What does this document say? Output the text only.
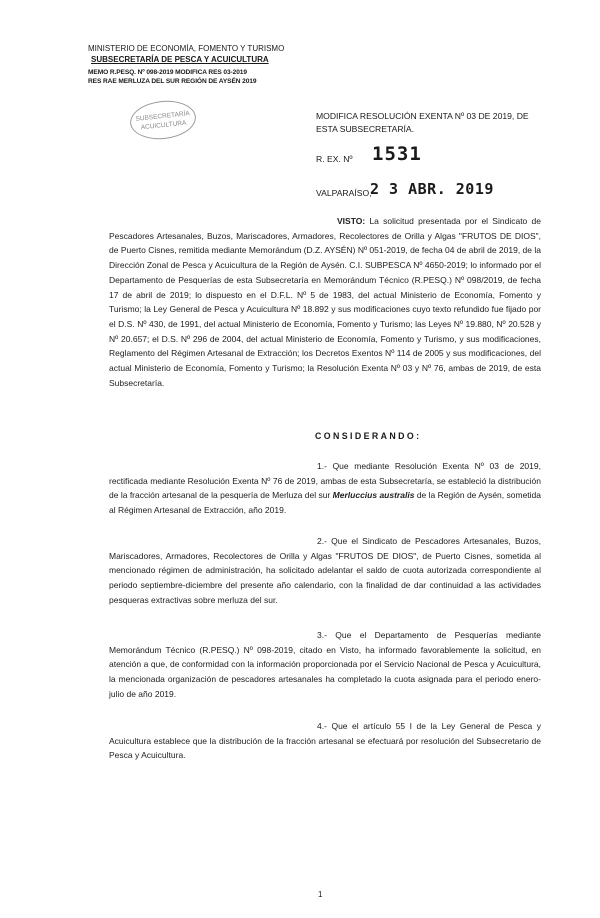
MINISTERIO DE ECONOMÍA, FOMENTO Y TURISMO
SUBSECRETARÍA DE PESCA Y ACUICULTURA
MEMO R.PESQ. Nº 098-2019 MODIFICA RES 03-2019
RES RAE MERLUZA DEL SUR REGIÓN DE AYSÉN 2019
SUBSECRETARÍA
ACUICULTURA
MODIFICA RESOLUCIÓN EXENTA Nº 03 DE 2019, DE
ESTA SUBSECRETARÍA.
R. EX. Nº 1531
VALPARAÍSO,
2 3 ABR. 2019
VISTO: La solicitud presentada por el Sindicato de Pescadores Artesanales, Buzos, Mariscadores, Armadores, Recolectores de Orilla y Algas "FRUTOS DE DIOS", de Puerto Cisnes, remitida mediante Memorándum (D.Z. AYSÉN) Nº 051-2019, de fecha 04 de abril de 2019, de la Dirección Zonal de Pesca y Acuicultura de la Región de Aysén. C.I. SUBPESCA Nº 4650-2019; lo informado por el Departamento de Pesquerías de esta Subsecretaría en Memorándum Técnico (R.PESQ.) Nº 098/2019, de fecha 17 de abril de 2019; lo dispuesto en el D.F.L. Nº 5 de 1983, del actual Ministerio de Economía, Fomento y Turismo; la Ley General de Pesca y Acuicultura Nº 18.892 y sus modificaciones cuyo texto refundido fue fijado por el D.S. Nº 430, de 1991, del actual Ministerio de Economía, Fomento y Turismo; las Leyes Nº 19.880, Nº 20.528 y Nº 20.657; el D.S. Nº 296 de 2004, del actual Ministerio de Economía, Fomento y Turismo, y sus modificaciones, Reglamento del Régimen Artesanal de Extracción; los Decretos Exentos Nº 114 de 2005 y sus modificaciones, del actual Ministerio de Economía, Fomento y Turismo; la Resolución Exenta Nº 03 y Nº 76, ambas de 2019, de esta Subsecretaría.
CONSIDERANDO:
1.- Que mediante Resolución Exenta Nº 03 de 2019, rectificada mediante Resolución Exenta Nº 76 de 2019, ambas de esta Subsecretaría, se estableció la distribución de la fracción artesanal de la pesquería de Merluza del sur Merluccius australis de la Región de Aysén, sometida al Régimen Artesanal de Extracción, año 2019.
2.- Que el Sindicato de Pescadores Artesanales, Buzos, Mariscadores, Armadores, Recolectores de Orilla y Algas "FRUTOS DE DIOS", de Puerto Cisnes, sometida al mencionado régimen de administración, ha solicitado adelantar el saldo de cuota autorizada correspondiente al periodo septiembre-diciembre del presente año calendario, con la finalidad de dar continuidad a las actividades pesqueras extractivas sobre merluza del sur.
3.- Que el Departamento de Pesquerías mediante Memorándum Técnico (R.PESQ.) Nº 098-2019, citado en Visto, ha informado favorablemente la solicitud, en atención a que, de conformidad con la información proporcionada por el Servicio Nacional de Pesca y Acuicultura, la mencionada organización de pescadores artesanales ha completado la cuota asignada para el periodo enero-julio de año 2019.
4.- Que el artículo 55 I de la Ley General de Pesca y Acuicultura establece que la distribución de la fracción artesanal se efectuará por resolución del Subsecretario de Pesca y Acuicultura.
1
